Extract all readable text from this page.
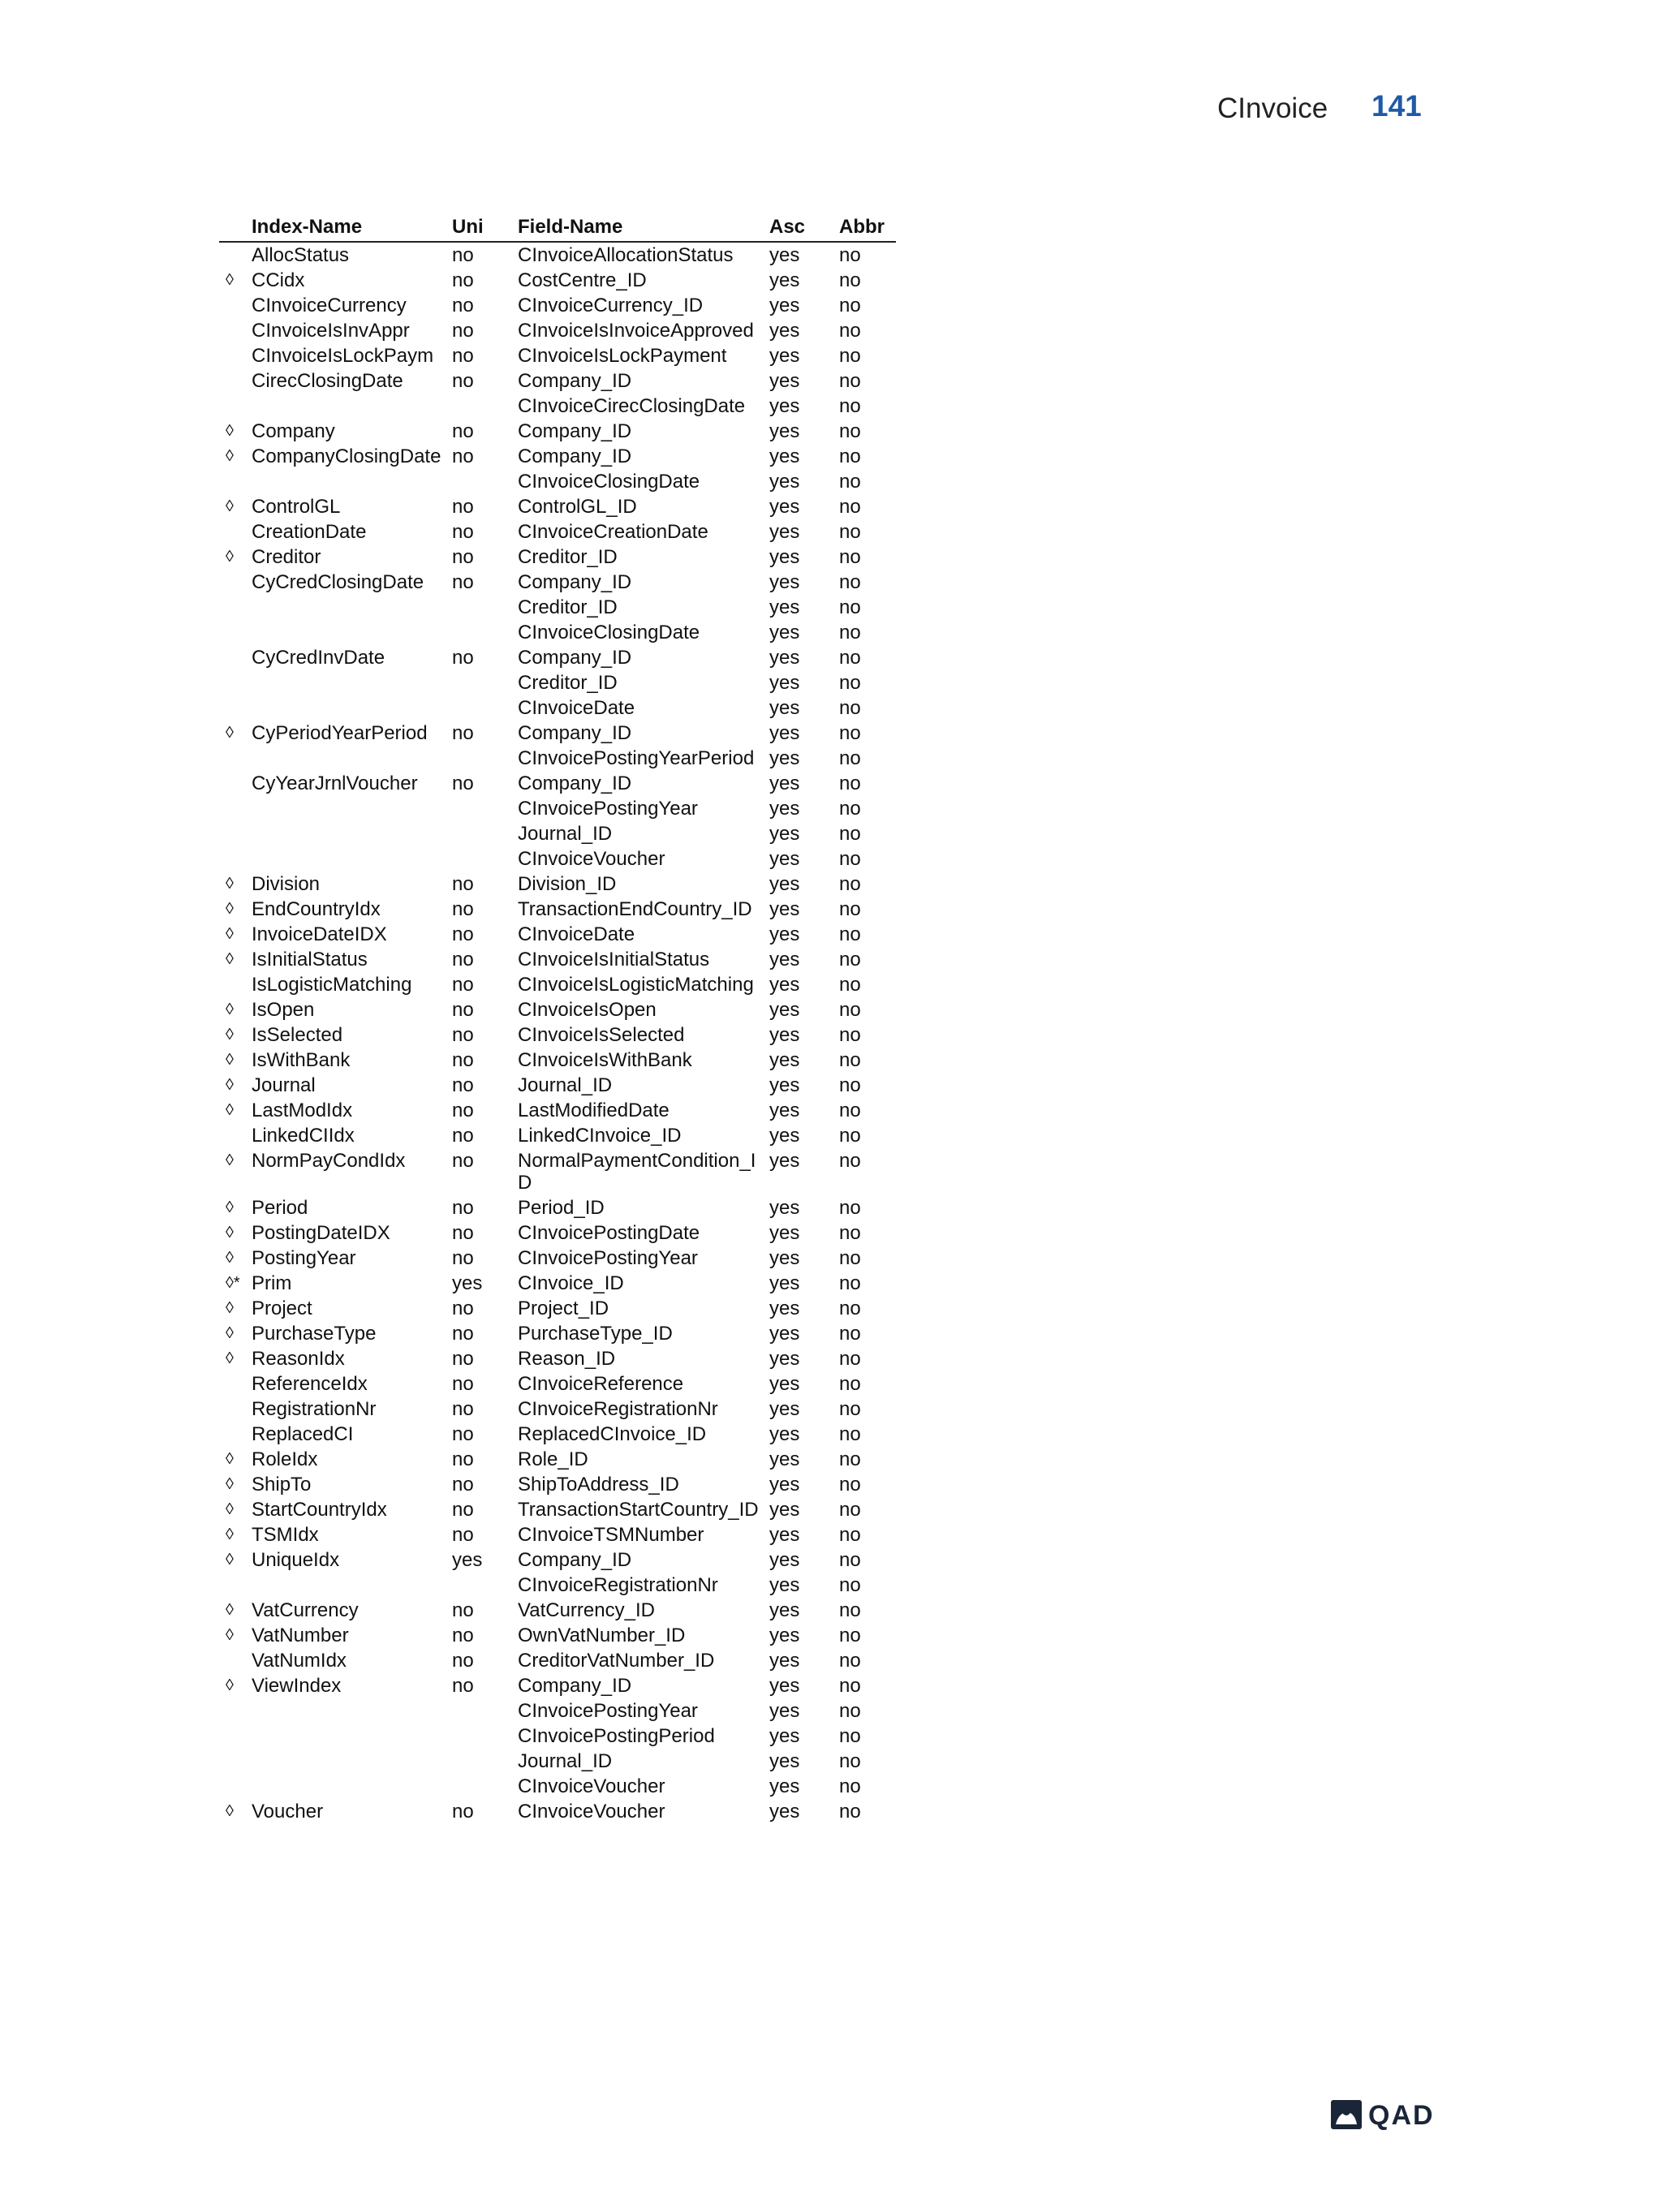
CInvoice 141
	Index-Name	Uni	Field-Name	Asc	Abbr
	AllocStatus	no	CInvoiceAllocationStatus	yes	no
◊	CCidx	no	CostCentre_ID	yes	no
	CInvoiceCurrency	no	CInvoiceCurrency_ID	yes	no
	CInvoiceIsInvAppr	no	CInvoiceIsInvoiceApproved	yes	no
	CInvoiceIsLockPaym	no	CInvoiceIsLockPayment	yes	no
	CirecClosingDate	no	Company_ID	yes	no
			CInvoiceCirecClosingDate	yes	no
◊	Company	no	Company_ID	yes	no
◊	CompanyClosingDate	no	Company_ID	yes	no
			CInvoiceClosingDate	yes	no
◊	ControlGL	no	ControlGL_ID	yes	no
	CreationDate	no	CInvoiceCreationDate	yes	no
◊	Creditor	no	Creditor_ID	yes	no
	CyCredClosingDate	no	Company_ID	yes	no
			Creditor_ID	yes	no
			CInvoiceClosingDate	yes	no
	CyCredInvDate	no	Company_ID	yes	no
			Creditor_ID	yes	no
			CInvoiceDate	yes	no
◊	CyPeriodYearPeriod	no	Company_ID	yes	no
			CInvoicePostingYearPeriod	yes	no
	CyYearJrnlVoucher	no	Company_ID	yes	no
			CInvoicePostingYear	yes	no
			Journal_ID	yes	no
			CInvoiceVoucher	yes	no
◊	Division	no	Division_ID	yes	no
◊	EndCountryIdx	no	TransactionEndCountry_ID	yes	no
◊	InvoiceDateIDX	no	CInvoiceDate	yes	no
◊	IsInitialStatus	no	CInvoiceIsInitialStatus	yes	no
	IsLogisticMatching	no	CInvoiceIsLogisticMatching	yes	no
◊	IsOpen	no	CInvoiceIsOpen	yes	no
◊	IsSelected	no	CInvoiceIsSelected	yes	no
◊	IsWithBank	no	CInvoiceIsWithBank	yes	no
◊	Journal	no	Journal_ID	yes	no
◊	LastModIdx	no	LastModifiedDate	yes	no
	LinkedCIIdx	no	LinkedCInvoice_ID	yes	no
◊	NormPayCondIdx	no	NormalPaymentCondition_ID	yes	no
◊	Period	no	Period_ID	yes	no
◊	PostingDateIDX	no	CInvoicePostingDate	yes	no
◊	PostingYear	no	CInvoicePostingYear	yes	no
◊*	Prim	yes	CInvoice_ID	yes	no
◊	Project	no	Project_ID	yes	no
◊	PurchaseType	no	PurchaseType_ID	yes	no
◊	ReasonIdx	no	Reason_ID	yes	no
	ReferenceIdx	no	CInvoiceReference	yes	no
	RegistrationNr	no	CInvoiceRegistrationNr	yes	no
	ReplacedCI	no	ReplacedCInvoice_ID	yes	no
◊	RoleIdx	no	Role_ID	yes	no
◊	ShipTo	no	ShipToAddress_ID	yes	no
◊	StartCountryIdx	no	TransactionStartCountry_ID	yes	no
◊	TSMIdx	no	CInvoiceTSMNumber	yes	no
◊	UniqueIdx	yes	Company_ID	yes	no
			CInvoiceRegistrationNr	yes	no
◊	VatCurrency	no	VatCurrency_ID	yes	no
◊	VatNumber	no	OwnVatNumber_ID	yes	no
	VatNumIdx	no	CreditorVatNumber_ID	yes	no
◊	ViewIndex	no	Company_ID	yes	no
			CInvoicePostingYear	yes	no
			CInvoicePostingPeriod	yes	no
			Journal_ID	yes	no
			CInvoiceVoucher	yes	no
◊	Voucher	no	CInvoiceVoucher	yes	no
QAD
